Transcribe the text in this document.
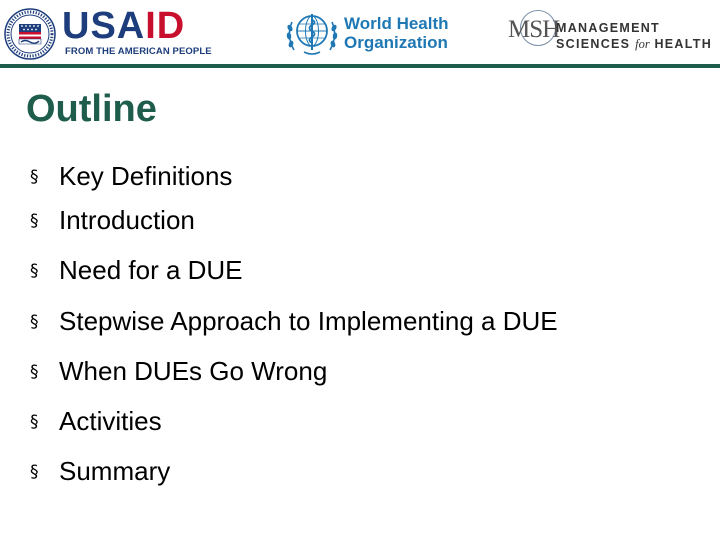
USAID
FROM THE AMERICAN PEOPLE
World Health
Organization MSH
MANAGEMENT
SCIENCES for HEALTH
Outline
§ Key Definitions
§ Introduction
§ Need for a DUE
§ Stepwise Approach to Implementing a DUE
§ When DUEs Go Wrong
§ Activities
§ Summary
